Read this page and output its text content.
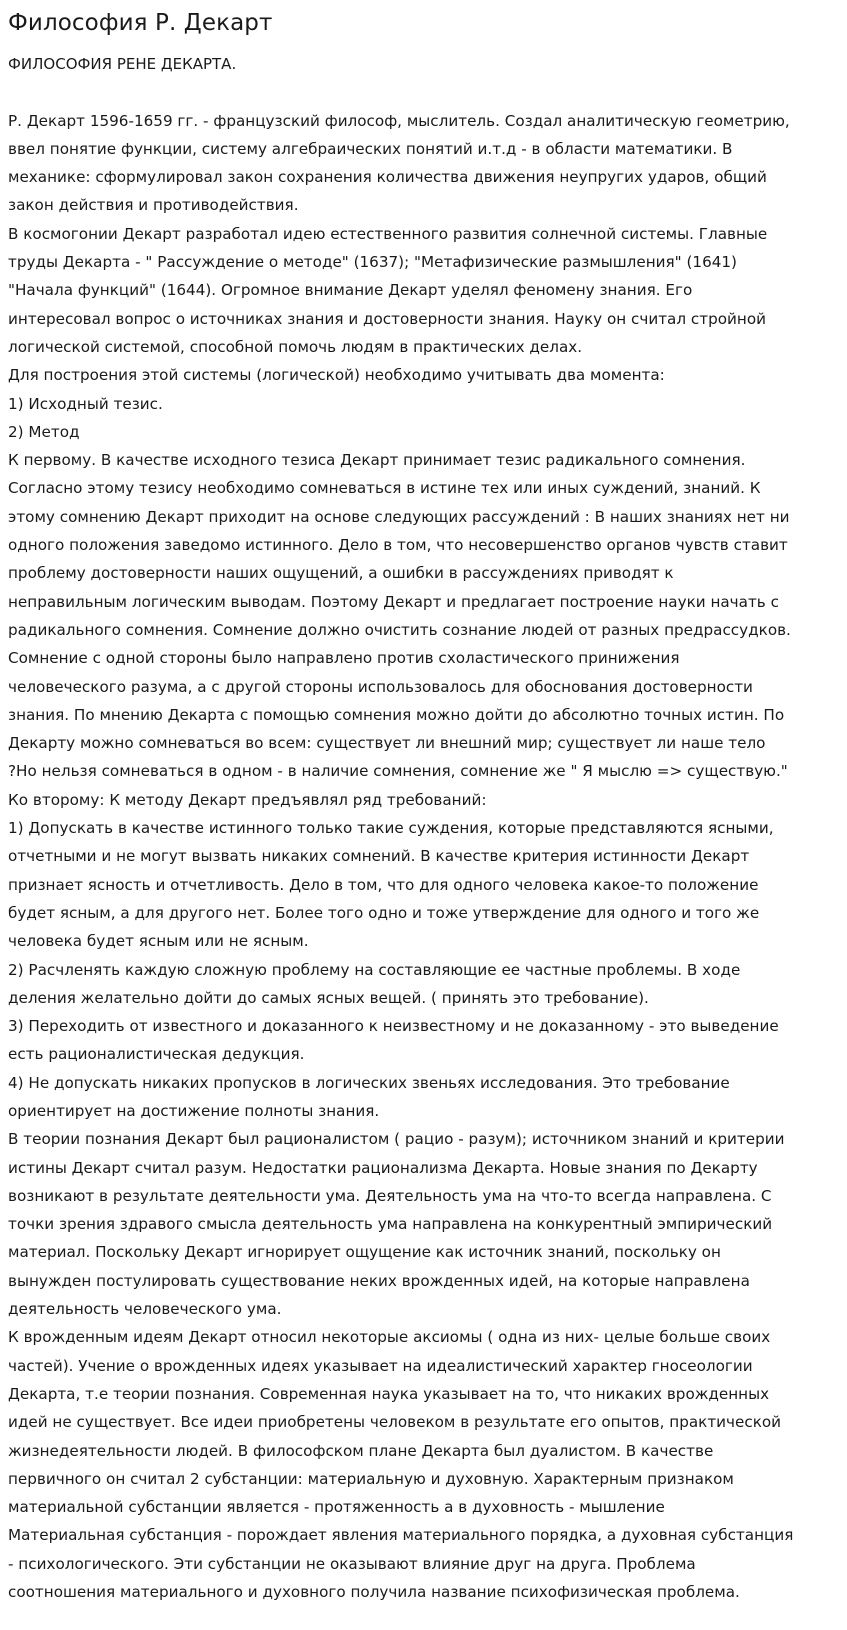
Философия Р. Декарт

ФИЛОСОФИЯ РЕНЕ ДЕКАРТА.

Р. Декарт 1596-1659 гг. - французский философ, мыслитель. Создал аналитическую геометрию,
ввел понятие функции, систему алгебраических понятий и.т.д - в области математики. В
механике: сформулировал закон сохранения количества движения неупругих ударов, общий
закон действия и противодействия.
В космогонии Декарт разработал идею естественного развития солнечной системы. Главные
труды Декарта - " Рассуждение о методе" (1637); "Метафизические размышления" (1641)
"Начала функций" (1644). Огромное внимание Декарт уделял феномену знания. Его
интересовал вопрос о источниках знания и достоверности знания. Науку он считал стройной
логической системой, способной помочь людям в практических делах.
Для построения этой системы (логической) необходимо учитывать два момента:
1) Исходный тезис.
2) Метод
К первому. В качестве исходного тезиса Декарт принимает тезис радикального сомнения.
Согласно этому тезису необходимо сомневаться в истине тех или иных суждений, знаний. К
этому сомнению Декарт приходит на основе следующих рассуждений : В наших знаниях нет ни
одного положения заведомо истинного. Дело в том, что несовершенство органов чувств ставит
проблему достоверности наших ощущений, а ошибки в рассуждениях приводят к
неправильным логическим выводам. Поэтому Декарт и предлагает построение науки начать с
радикального сомнения. Сомнение должно очистить сознание людей от разных предрассудков.
Сомнение с одной стороны было направлено против схоластического принижения
человеческого разума, а с другой стороны использовалось для обоснования достоверности
знания. По мнению Декарта с помощью сомнения можно дойти до абсолютно точных истин. По
Декарту можно сомневаться во всем: существует ли внешний мир; существует ли наше тело
?Но нельзя сомневаться в одном - в наличие сомнения, сомнение же " Я мыслю => существую."
Ко второму: К методу Декарт предъявлял ряд требований:
1) Допускать в качестве истинного только такие суждения, которые представляются ясными,
отчетными и не могут вызвать никаких сомнений. В качестве критерия истинности Декарт
признает ясность и отчетливость. Дело в том, что для одного человека какое-то положение
будет ясным, а для другого нет. Более того одно и тоже утверждение для одного и того же
человека будет ясным или не ясным.
2) Расчленять каждую сложную проблему на составляющие ее частные проблемы. В ходе
деления желательно дойти до самых ясных вещей. ( принять это требование).
3) Переходить от известного и доказанного к неизвестному и не доказанному - это выведение
есть рационалистическая дедукция.
4) Не допускать никаких пропусков в логических звеньях исследования. Это требование
ориентирует на достижение полноты знания.
В теории познания Декарт был рационалистом ( рацио - разум); источником знаний и критерии
истины Декарт считал разум. Недостатки рационализма Декарта. Новые знания по Декарту
возникают в результате деятельности ума. Деятельность ума на что-то всегда направлена. С
точки зрения здравого смысла деятельность ума направлена на конкурентный эмпирический
материал. Поскольку Декарт игнорирует ощущение как источник знаний, поскольку он
вынужден постулировать существование неких врожденных идей, на которые направлена
деятельность человеческого ума.
К врожденным идеям Декарт относил некоторые аксиомы ( одна из них- целые больше своих
частей). Учение о врожденных идеях указывает на идеалистический характер гносеологии
Декарта, т.е теории познания. Современная наука указывает на то, что никаких врожденных
идей не существует. Все идеи приобретены человеком в результате его опытов, практической
жизнедеятельности людей. В философском плане Декарта был дуалистом. В качестве
первичного он считал 2 субстанции: материальную и духовную. Характерным признаком
материальной субстанции является - протяженность а в духовность - мышление
Материальная субстанция - порождает явления материального порядка, а духовная субстанция
- психологического. Эти субстанции не оказывают влияние друг на друга. Проблема
соотношения материального и духовного получила название психофизическая проблема.
